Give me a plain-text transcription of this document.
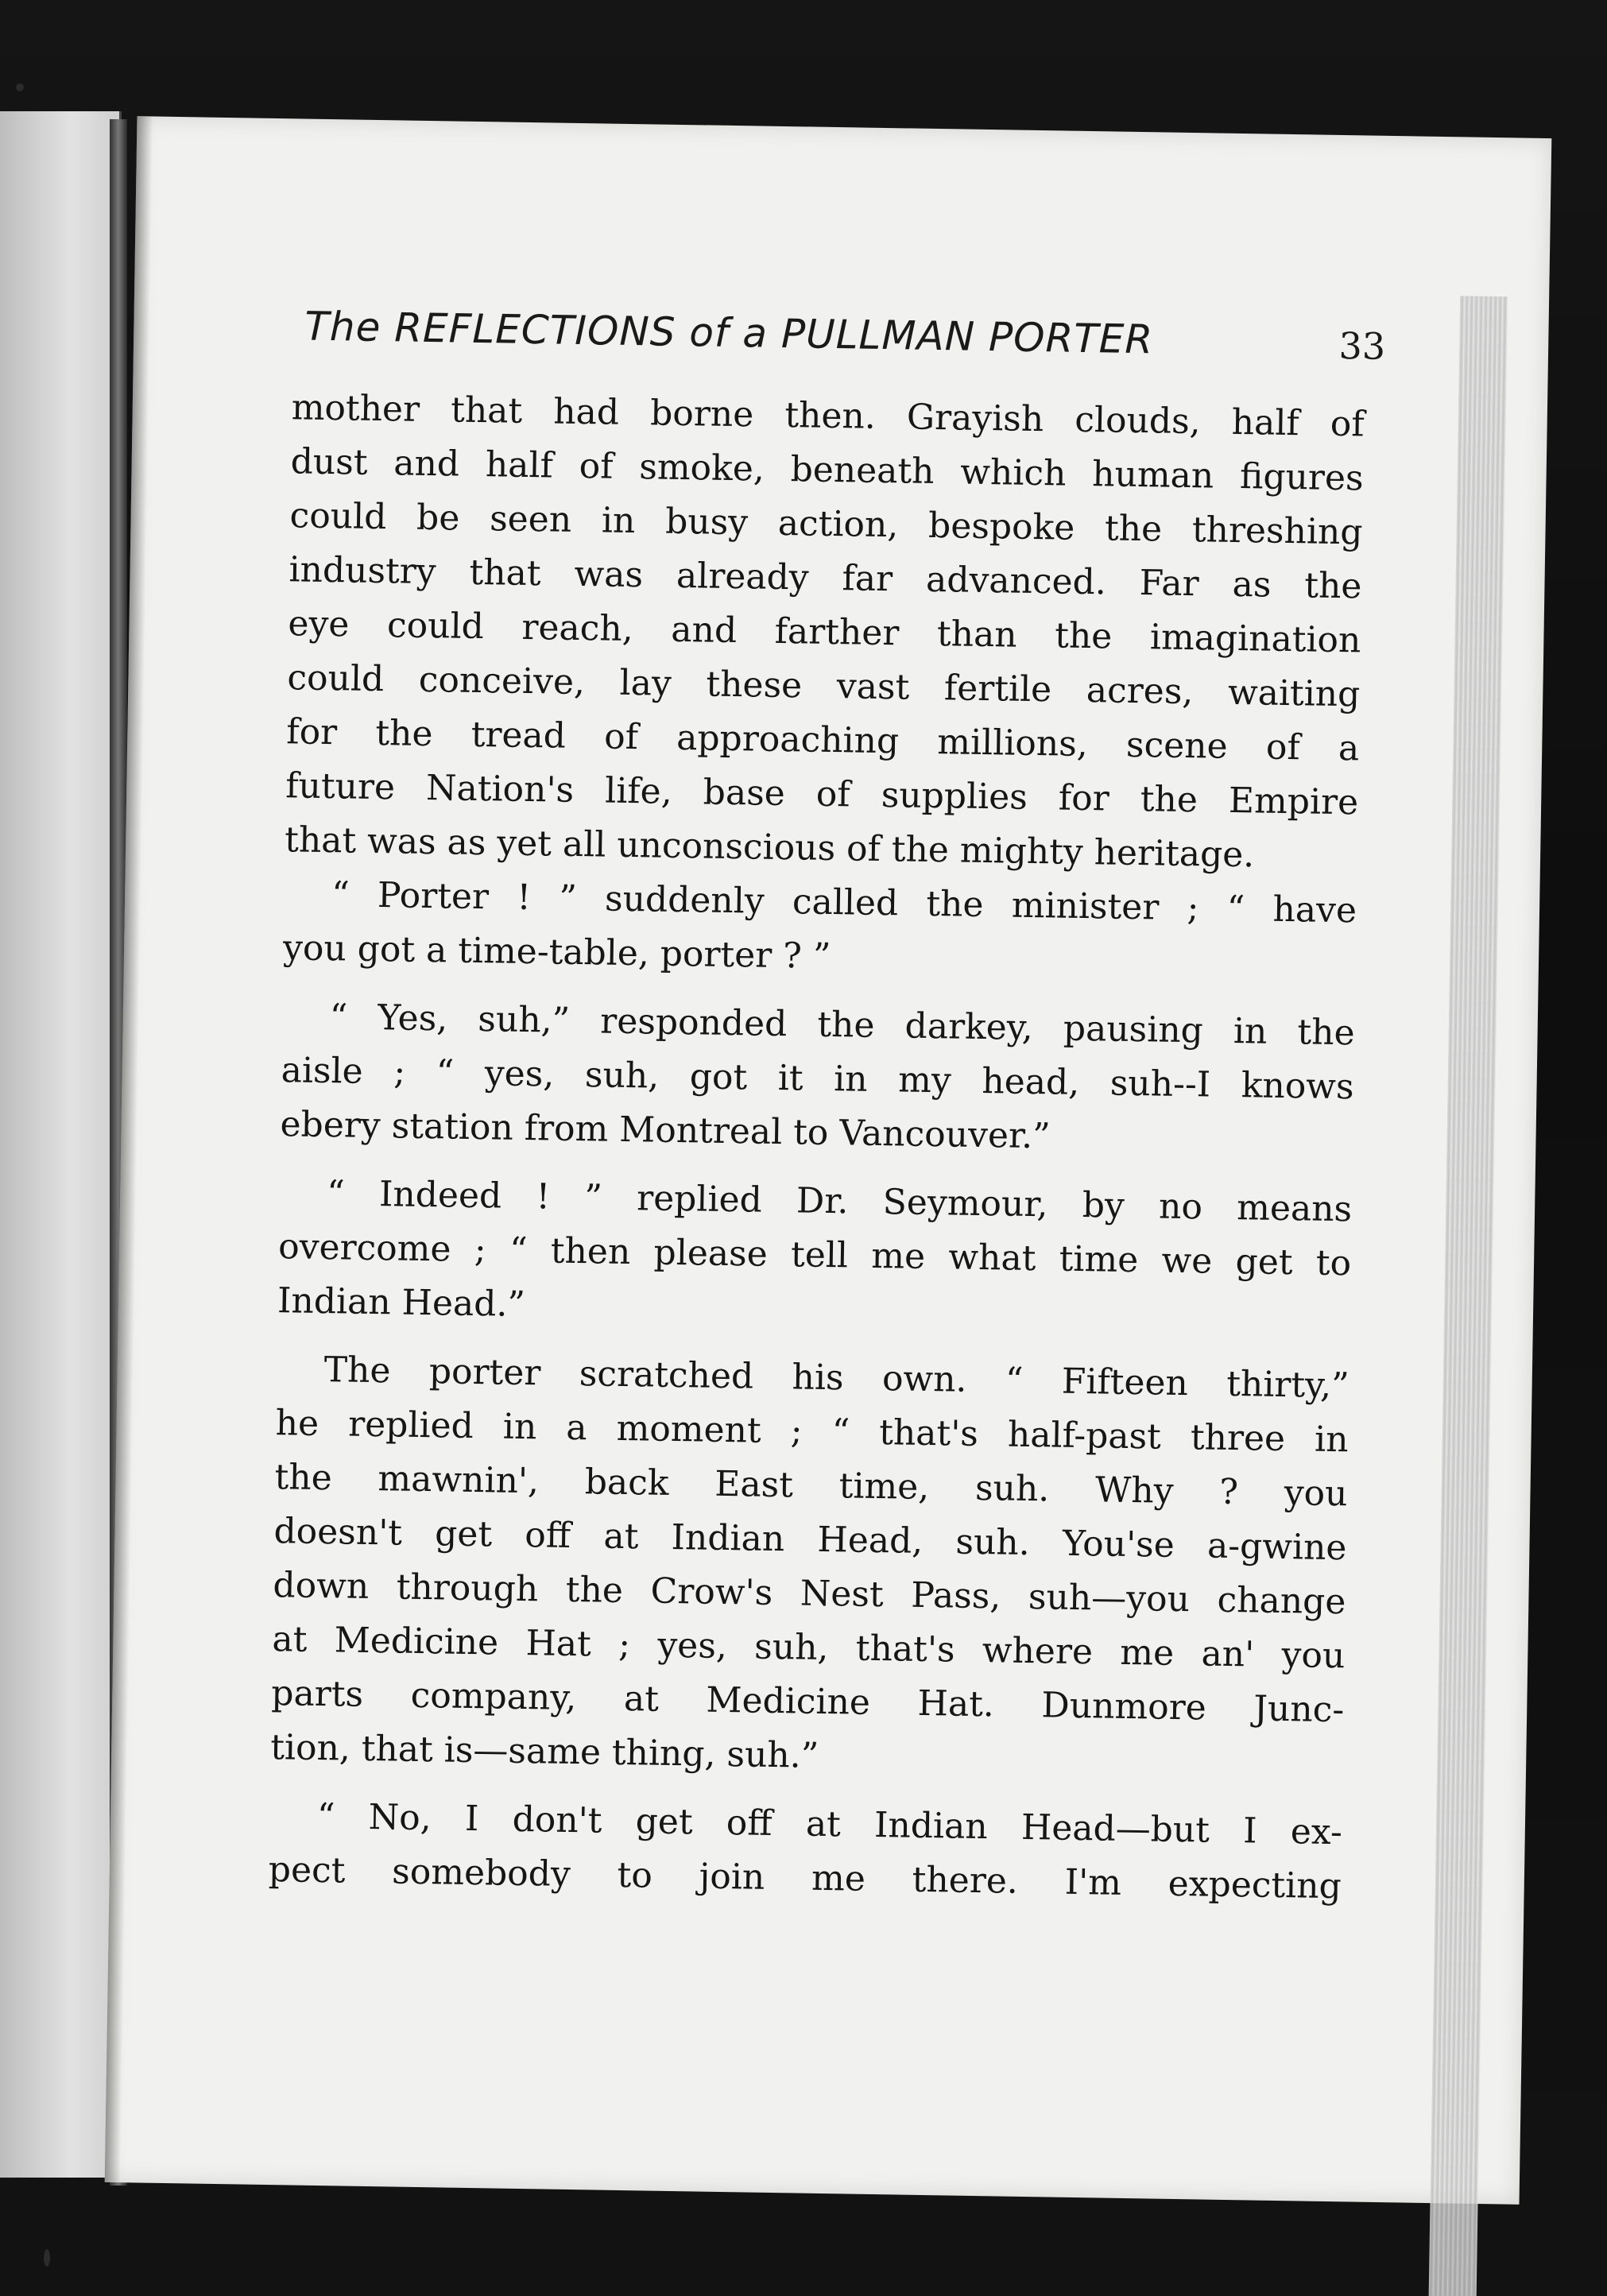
The REFLECTIONS of a PULLMAN PORTER	33
mother that had borne then. Grayish clouds, half of
dust and half of smoke, beneath which human figures
could be seen in busy action, bespoke the threshing
industry that was already far advanced. Far as the
eye could reach, and farther than the imagination
could conceive, lay these vast fertile acres, waiting
for the tread of approaching millions, scene of a
future Nation's life, base of supplies for the Empire
that was as yet all unconscious of the mighty heritage.
“ Porter ! ” suddenly called the minister ; “ have
you got a time-table, porter ? ”
“ Yes, suh,” responded the darkey, pausing in the
aisle ; “ yes, suh, got it in my head, suh--I knows
ebery station from Montreal to Vancouver.”
“ Indeed ! ” replied Dr. Seymour, by no means
overcome ; “ then please tell me what time we get to
Indian Head.”
The porter scratched his own. “ Fifteen thirty,”
he replied in a moment ; “ that's half-past three in
the mawnin', back East time, suh. Why ? you
doesn't get off at Indian Head, suh. You'se a-gwine
down through the Crow's Nest Pass, suh—you change
at Medicine Hat ; yes, suh, that's where me an' you
parts company, at Medicine Hat. Dunmore Junc-
tion, that is—same thing, suh.”
“ No, I don't get off at Indian Head—but I ex-
pect somebody to join me there. I'm expecting
